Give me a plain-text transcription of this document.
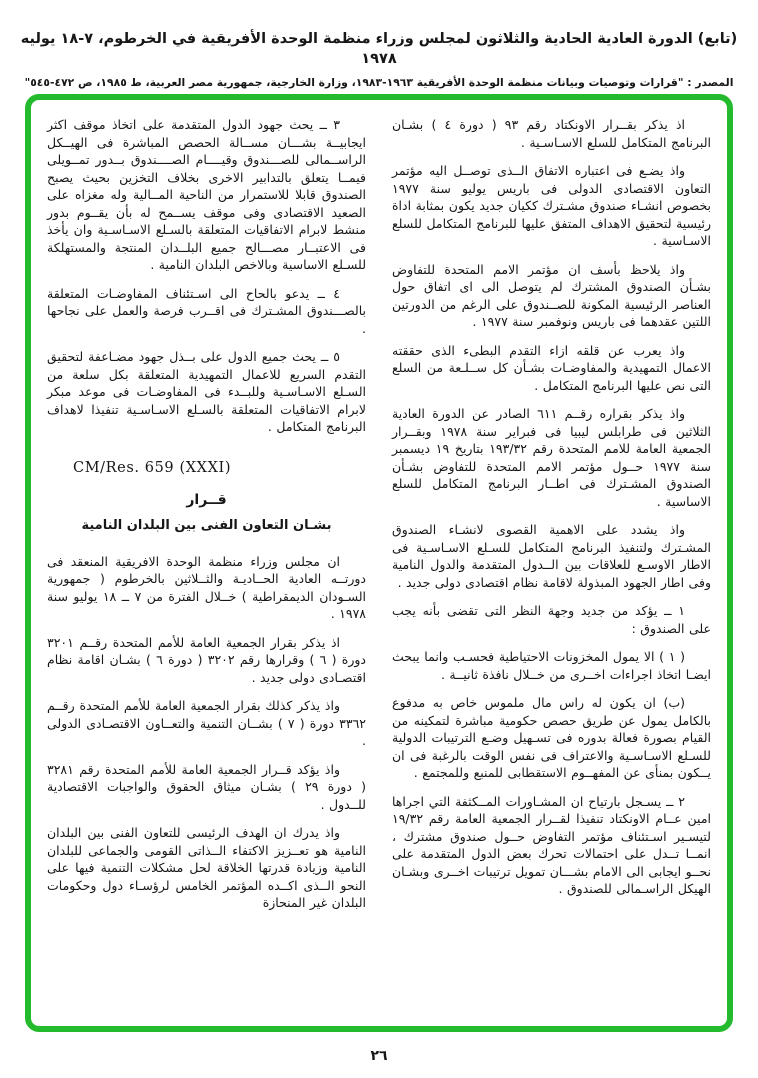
(تابع) الدورة العادية الحادية والثلاثون لمجلس وزراء منظمة الوحدة الأفريقية في الخرطوم، ٧-١٨ يوليه ١٩٧٨
المصدر : "قرارات وتوصيات وبيانات منظمة الوحدة الأفريقية ١٩٦٣-١٩٨٣، وزارة الخارجية، جمهورية مصر العربية، ط ١٩٨٥، ص ٤٧٢-٥٤٥"

اذ يذكر بقــرار الاونكتاد رقم ٩٣ ( دورة ٤ ) بشـان البرنامج المتكامل للسلع الاسـاسـية .

واذ يضـع فى اعتباره الاتفاق الــذى توصــل اليه مؤتمر التعاون الاقتصادى الدولى فى باريس يوليو سنة ١٩٧٧ بخصوص انشـاء صندوق مشـترك ككيان جديد يكون بمثابة اداة رئيسية لتحقيق الاهداف المتفق عليها للبرنامج المتكامل للسلع الاسـاسية .

واذ يلاحظ بأسف ان مؤتمر الامم المتحدة للتفاوض بشـأن الصندوق المشترك لم يتوصل الى اى اتفاق حول العناصر الرئيسية المكونة للصــندوق على الرغم من الدورتين اللتين عقدهما فى باريس ونوفمبر سنة ١٩٧٧ .

واذ يعرب عن قلقه ازاء التقدم البطىء الذى حققته الاعمال التمهيدية والمفاوضـات بشـأن كل ســلـعة من السلع التى نص عليها البرنامج المتكامل .

واذ يذكر بقراره رقــم ٦١١ الصادر عن الدورة العادية الثلاثين فى طرابلس ليبيا فى فبراير سنة ١٩٧٨ وبقــرار الجمعية العامة للامم المتحدة رقم ١٩٣/٣٢ بتاريخ ١٩ ديسمبر سنة ١٩٧٧ حــول مؤتمر الامم المتحدة للتفاوض بشـأن الصندوق المشـترك فى اطــار البرنامج المتكامل للسلع الاساسية .

واذ يشدد على الاهمية القصوى لانشـاء الصندوق المشـترك ولتنفيذ البرنامج المتكامل للسـلع الاسـاسـية فى الاطار الاوسـع للعلاقات بين الــدول المتقدمة والدول النامية وفى اطار الجهود المبذولة لاقامة نظام اقتصادى دولى جديد .

١ ــ يؤكد من جديد وجهة النظر التى تقضى بأنه يجب على الصندوق :

( ١ ) الا يمول المخزونات الاحتياطية فحسـب وانما يبحث ايضـا اتخاذ اجراءات اخــرى من خــلال نافذة ثانيــة .

(ب) ان يكون له راس مال ملموس خاص به مدفوع بالكامل يمول عن طريق حصص حكومية مباشرة لتمكينه من القيام بصورة فعالة بدوره فى تسـهيل وضـع الترتيبات الدولية للسـلع الاسـاسـية والاعتراف فى نفس الوقت بالرغبة فى ان يــكون بمنأى عن المفهــوم الاستقطابى للمنبع وللمجتمع .

٢ ــ يسـجل بارتياح ان المشـاورات المــكثفة التي اجراها امين عــام الاونكتاد تنفيذا لقــرار الجمعية العامة رقم ١٩/٣٢ لتيسـير اسـتئناف مؤتمر التفاوض حــول صندوق مشترك ، انمــا تــدل على احتمالات تحرك بعض الدول المتقدمة على نحــو ايجابى الى الامام بشـــان تمويل ترتيبات اخــرى وبشـان الهيكل الراسـمالى للصندوق .

٣ ــ يحث جهود الدول المتقدمة على اتخاذ موقف اكثر ايجابيــة بشـــان مســالة الحصص المباشرة فى الهيــكل الراســمالى للصـــندوق وقيــــام الصــــندوق بــدور تمــويلى فيمــا يتعلق بالتدابير الاخرى بخلاف التخزين بحيث يصبح الصندوق قابلا للاستمرار من الناحية المــالية وله مغزاه على الصعيد الاقتصادى وفى موقف يســمح له بأن يقــوم بدور منشط لابرام الاتفاقيات المتعلقة بالسـلع الاسـاسـية وان يأخذ فى الاعتبــار مصـــالح جميع البلــدان المنتجة والمستهلكة للسـلع الاساسية وبالاخص البلدان النامية .

٤ ــ يدعو بالحاح الى اسـتئناف المفاوضـات المتعلقة بالصـــندوق المشـترك فى اقــرب فرصة والعمل على نجاحها .

٥ ــ يحث جميع الدول على بــذل جهود مضـاعفة لتحقيق التقدم السريع للاعمال التمهيدية المتعلقة بكل سلعة من السـلع الاسـاسـية وللبــدء فى المفاوضـات فى موعد مبكر لابرام الاتفاقيات المتعلقة بالسـلع الاسـاسـية تنفيذا لاهداف البرنامج المتكامل .

CM/Res. 659 (XXXI)
قــرار
بشـان التعاون الفنى بين البلدان النامية

ان مجلس وزراء منظمة الوحدة الافريقية المنعقد فى دورتــه العادية الحــاديـة والثــلاثين بالخرطوم ( جمهورية السـودان الديمقراطية ) خــلال الفترة من ٧ ــ ١٨ يوليو سنة ١٩٧٨ .

اذ يذكر بقرار الجمعية العامة للأمم المتحدة رقــم ٣٢٠١ دورة ( ٦ ) وقرارها رقم ٣٢٠٢ ( دورة ٦ ) بشـان اقامة نظام اقتصـادى دولى جديد .

واذ يذكر كذلك بقرار الجمعية العامة للأمم المتحدة رقــم ٣٣٦٢ دورة ( ٧ ) بشــان التنمية والتعــاون الاقتصـادى الدولى .

واذ يؤكد قــرار الجمعية العامة للأمم المتحدة رقم ٣٢٨١ ( دورة ٢٩ ) بشـان ميثاق الحقوق والواجبات الاقتصادية للــدول .

واذ يدرك ان الهدف الرئيسى للتعاون الفنى بين البلدان النامية هو تعــزيز الاكتفاء الــذاتى القومى والجماعى للبلدان النامية وزيادة قدرتها الخلاقة لحل مشكلات التنمية فيها على النحو الــذى اكــده المؤتمر الخامس لرؤسـاء دول وحكومات البلدان غير المنحازة

٢٦
